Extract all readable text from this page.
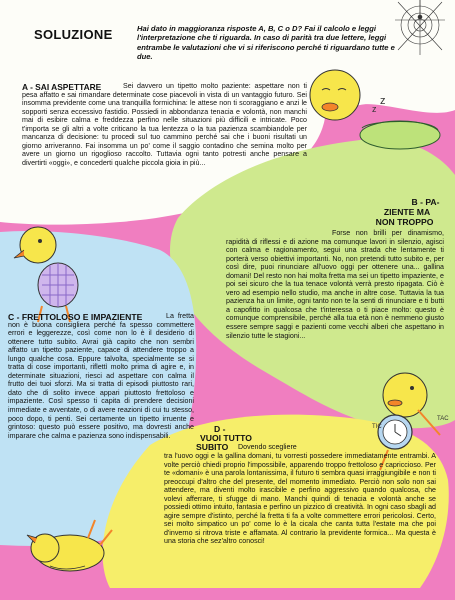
z
z
TIC
TAC
SOLUZIONE	Hai dato in maggioranza risposte A, B, C o D? Fai il calcolo e leggi l'interpretazione che ti riguarda. In caso di parità tra due lettere, leggi entrambe le valutazioni che vi si riferiscono perché ti riguardano tutte e due.
A - SAI ASPETTARE	Sei davvero un tipetto molto paziente: aspettare non ti pesa affatto e sai rimandare determinate cose piacevoli in vista di un vantaggio futuro. Sei insomma previdente come una tranquilla formichina: le attese non ti scoraggiano e anzi le sopporti senza eccessivo fastidio. Possiedi in abbondanza tenacia e volontà, non manchi mai di esibire calma e freddezza perfino nelle situazioni più difficili e intricate. Poco t'importa se gli altri a volte criticano la tua lentezza o la tua pazienza scambiandole per mancanza di decisione: tu procedi sul tuo cammino perché sai che i buoni risultati un giorno arriveranno. Fai insomma un po' come il saggio contadino che semina molto per avere un giorno un rigoglioso raccolto. Tuttavia ogni tanto potresti anche pensare a divertirti «oggi», e concederti qualche piccola gioia in più...
B - PA-
ZIENTE MA
NON TROPPO
Forse non brilli per dinamismo, rapidità di riflessi e di azione ma comunque lavori in silenzio, agisci con calma e ragionamento, segui una strada che lentamente ti porterà verso obiettivi importanti. No, non pretendi tutto subito e, per così dire, puoi rinunciare all'uovo oggi per ottenere una... gallina domani! Del resto non hai molta fretta ma sei un tipetto impaziente, e poi sei sicuro che la tua tenace volontà verrà presto ripagata. Ciò è vero ad esempio nello studio, ma anche in altre cose. Tuttavia la tua pazienza ha un limite, ogni tanto non te la senti di rinunciare e ti butti a capofitto in qualcosa che t'interessa o ti piace molto: questo è comunque comprensibile, perché alla tua età non è nemmeno giusto essere sempre saggi e pazienti come vecchi alberi che aspettano in silenzio tutte le stagioni...
C - FRETTOLOSO E IMPAZIENTE	La fretta non è buona consigliera perché fa spesso commettere errori e leggerezze, così come non lo è il desiderio di ottenere tutto subito. Avrai già capito che non sembri affatto un tipetto paziente, capace di attendere troppo a lungo qualche cosa. Eppure talvolta, specialmente se si tratta di cose importanti, riflettì molto prima di agire e, in determinate situazioni, riesci ad aspettare con calma il frutto dei tuoi sforzi. Ma si tratta di episodi piuttosto rari, dato che di solito invece appari piuttosto frettoloso e impaziente. Così spesso ti capita di prendere decisioni immediate e avventate, o di avere reazioni di cui tu stesso, poco dopo, ti penti. Sei certamente un tipetto irruente e grintoso: questo può essere positivo, ma dovresti anche imparare che calma e pazienza sono indispensabili.
D -
VUOI TUTTO
SUBITO Dovendo scegliere
tra l'uovo oggi e la gallina domani, tu vorresti possedere immediatamente entrambi. A volte perciò chiedi proprio l'impossibile, apparendo troppo frettoloso e capriccioso. Per te «domani» è una parola lontanissima, il futuro ti sembra quasi irraggiungibile e non ti preoccupi d'altro che del presente, del momento immediato. Perciò non solo non sai attendere, ma diventi molto irascibile e perfino aggressivo quando qualcosa, che volevi afferrare, ti sfugge di mano. Manchi quindi di tenacia e volontà anche se possiedi ottimo intuito, fantasia e perfino un pizzico di creatività. In ogni caso sbagli ad agire sempre d'istinto, perché la fretta ti fa a volte commettere errori pericolosi. Certo, sei molto simpatico un po' come lo è la cicala che canta tutta l'estate ma che poi d'inverno si ritrova triste e affamata. Al contrario la previdente formica... Ma questa è una storia che sez'altro conosci!
